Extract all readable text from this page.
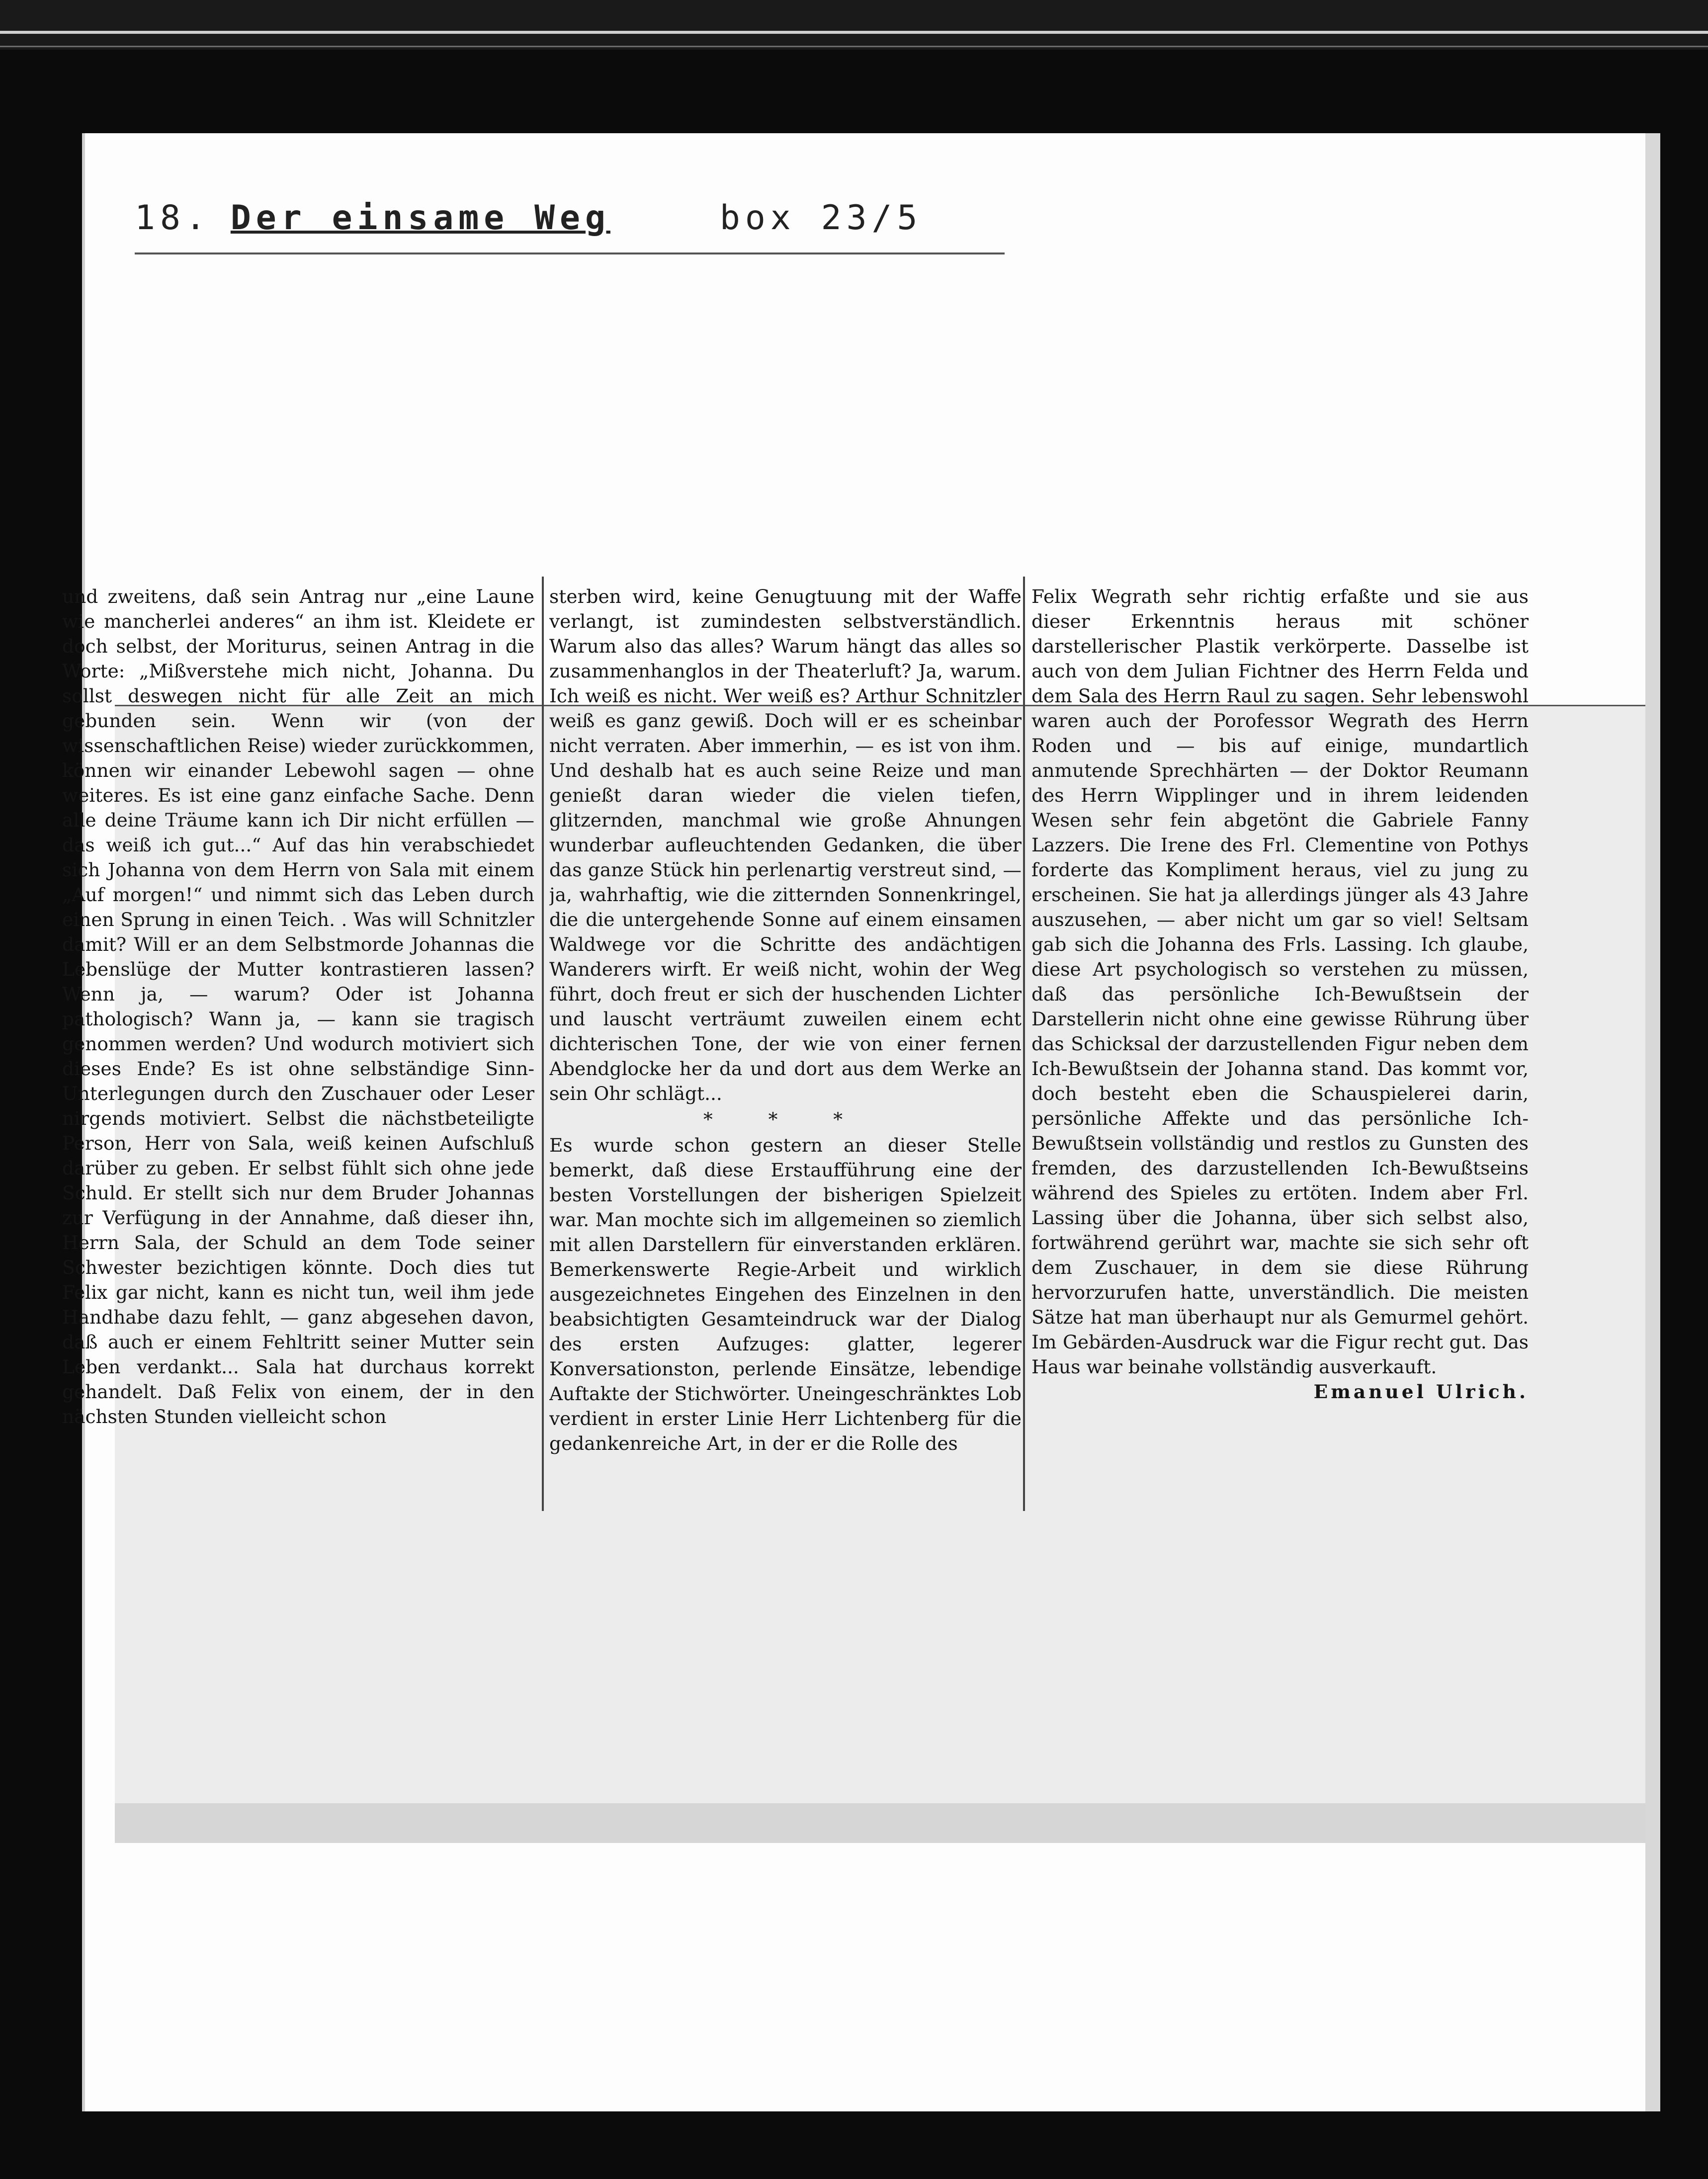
18. Der einsame Weg	box 23/5

und zweitens, daß sein Antrag nur „eine Laune wie mancherlei anderes“ an ihm ist. Kleidete er doch selbst, der Moriturus, seinen Antrag in die Worte: „Mißverstehe mich nicht, Johanna. Du sollst deswegen nicht für alle Zeit an mich gebunden sein. Wenn wir (von der wissenschaftlichen Reise) wieder zurückkommen, können wir einander Lebewohl sagen — ohne weiteres. Es ist eine ganz einfache Sache. Denn alle deine Träume kann ich Dir nicht erfüllen — das weiß ich gut...“ Auf das hin verabschiedet sich Johanna von dem Herrn von Sala mit einem „Auf morgen!“ und nimmt sich das Leben durch einen Sprung in einen Teich. . Was will Schnitzler damit? Will er an dem Selbstmorde Johannas die Lebenslüge der Mutter kontrastieren lassen? Wenn ja, — warum? Oder ist Johanna pathologisch? Wann ja, — kann sie tragisch genommen werden? Und wodurch motiviert sich dieses Ende? Es ist ohne selbständige Sinn-Unterlegungen durch den Zuschauer oder Leser nirgends motiviert. Selbst die nächstbeteiligte Person, Herr von Sala, weiß keinen Aufschluß darüber zu geben. Er selbst fühlt sich ohne jede Schuld. Er stellt sich nur dem Bruder Johannas zur Verfügung in der Annahme, daß dieser ihn, Herrn Sala, der Schuld an dem Tode seiner Schwester bezichtigen könnte. Doch dies tut Felix gar nicht, kann es nicht tun, weil ihm jede Handhabe dazu fehlt, — ganz abgesehen davon, daß auch er einem Fehltritt seiner Mutter sein Leben verdankt... Sala hat durchaus korrekt gehandelt. Daß Felix von einem, der in den nächsten Stunden vielleicht schon

sterben wird, keine Genugtuung mit der Waffe verlangt, ist zumindesten selbstverständlich. Warum also das alles? Warum hängt das alles so zusammenhanglos in der Theaterluft? Ja, warum. Ich weiß es nicht. Wer weiß es? Arthur Schnitzler weiß es ganz gewiß. Doch will er es scheinbar nicht verraten. Aber immerhin, — es ist von ihm. Und deshalb hat es auch seine Reize und man genießt daran wieder die vielen tiefen, glitzernden, manchmal wie große Ahnungen wunderbar aufleuchtenden Gedanken, die über das ganze Stück hin perlenartig verstreut sind, — ja, wahrhaftig, wie die zitternden Sonnenkringel, die die untergehende Sonne auf einem einsamen Waldwege vor die Schritte des andächtigen Wanderers wirft. Er weiß nicht, wohin der Weg führt, doch freut er sich der huschenden Lichter und lauscht verträumt zuweilen einem echt dichterischen Tone, der wie von einer fernen Abendglocke her da und dort aus dem Werke an sein Ohr schlägt...

* * *

Es wurde schon gestern an dieser Stelle bemerkt, daß diese Erstaufführung eine der besten Vorstellungen der bisherigen Spielzeit war. Man mochte sich im allgemeinen so ziemlich mit allen Darstellern für einverstanden erklären. Bemerkenswerte Regie-Arbeit und wirklich ausgezeichnetes Eingehen des Einzelnen in den beabsichtigten Gesamteindruck war der Dialog des ersten Aufzuges: glatter, legerer Konversationston, perlende Einsätze, lebendige Auftakte der Stichwörter. Uneingeschränktes Lob verdient in erster Linie Herr Lichtenberg für die gedankenreiche Art, in der er die Rolle des

Felix Wegrath sehr richtig erfaßte und sie aus dieser Erkenntnis heraus mit schöner darstellerischer Plastik verkörperte. Dasselbe ist auch von dem Julian Fichtner des Herrn Felda und dem Sala des Herrn Raul zu sagen. Sehr lebenswohl waren auch der Porofessor Wegrath des Herrn Roden und — bis auf einige, mundartlich anmutende Sprechhärten — der Doktor Reumann des Herrn Wipplinger und in ihrem leidenden Wesen sehr fein abgetönt die Gabriele Fanny Lazzers. Die Irene des Frl. Clementine von Pothys forderte das Kompliment heraus, viel zu jung zu erscheinen. Sie hat ja allerdings jünger als 43 Jahre auszusehen, — aber nicht um gar so viel! Seltsam gab sich die Johanna des Frls. Lassing. Ich glaube, diese Art psychologisch so verstehen zu müssen, daß das persönliche Ich-Bewußtsein der Darstellerin nicht ohne eine gewisse Rührung über das Schicksal der darzustellenden Figur neben dem Ich-Bewußtsein der Johanna stand. Das kommt vor, doch besteht eben die Schauspielerei darin, persönliche Affekte und das persönliche Ich-Bewußtsein vollständig und restlos zu Gunsten des fremden, des darzustellenden Ich-Bewußtseins während des Spieles zu ertöten. Indem aber Frl. Lassing über die Johanna, über sich selbst also, fortwährend gerührt war, machte sie sich sehr oft dem Zuschauer, in dem sie diese Rührung hervorzurufen hatte, unverständlich. Die meisten Sätze hat man überhaupt nur als Gemurmel gehört. Im Gebärden-Ausdruck war die Figur recht gut. Das Haus war beinahe vollständig ausverkauft.

Emanuel Ulrich.
